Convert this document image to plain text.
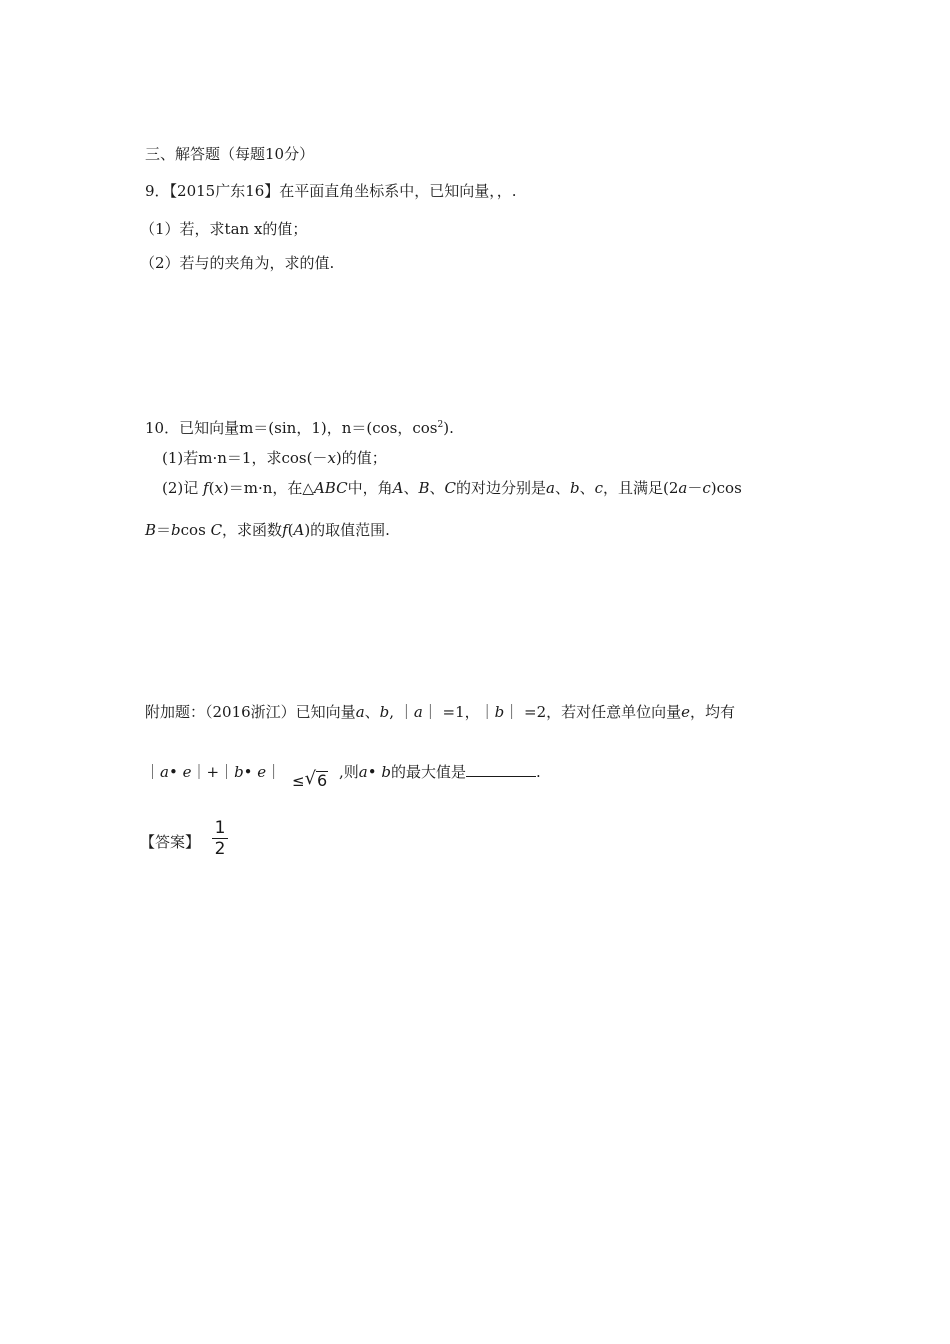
三、解答题（每题10分）
9．【2015广东16】在平面直角坐标系中，已知向量，，.
（1）若，求tan x的值；
（2）若与的夹角为，求的值.
10．已知向量m＝(sin，1)，n＝(cos，$\cos^2$).
(1)若m·n＝1，求cos(－x)的值；
(2)记 f(x)＝m·n，在△ABC中，角A、B、C的对边分别是a、b、c，且满足(2a－c)cos
B＝bcos C，求函数f(A)的取值范围.
附加题：（2016浙江）已知向量a、b, ｜a｜ =1，｜b｜ =2，若对任意单位向量e，均有
｜a• e｜+｜b• e｜ ≤ √ 6 ,则a• b的最大值是	.
【答案】
1
2
